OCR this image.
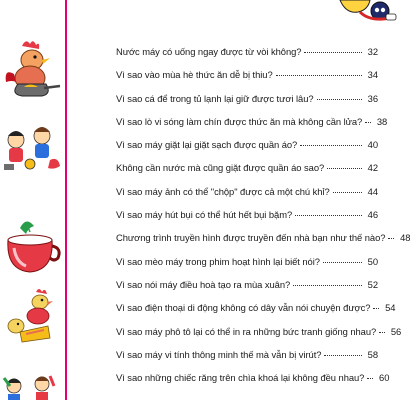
Nước máy có uống ngay được từ vòi không?	32
Vì sao vào mùa hè thức ăn dễ bị thiu?	34
Vì sao cá để trong tủ lạnh lại giữ được tươi lâu?	36
Vì sao lò vi sóng làm chín được thức ăn mà không cần lửa? 38
Vì sao máy giặt lại giặt sạch được quần áo?	40
Không cần nước mà cũng giặt được quần áo sao?	42
Vì sao máy ảnh có thể "chộp" được cả một chú khỉ?	44
Vì sao máy hút bụi có thể hút hết bụi bặm?	46
Chương trình truyền hình được truyền đến nhà bạn như thế nào? 48
Vì sao mèo máy trong phim hoạt hình lại biết nói?	50
Vì sao nói máy điều hoà tạo ra mùa xuân?	52
Vì sao điện thoại di động không có dây vẫn nói chuyện được? 54
Vì sao máy phô tô lại có thể in ra những bức tranh giống nhau? 56
Vì sao máy vi tính thông minh thế mà vẫn bị virút?	58
Vì sao những chiếc răng trên chìa khoá lại không đều nhau? 60
